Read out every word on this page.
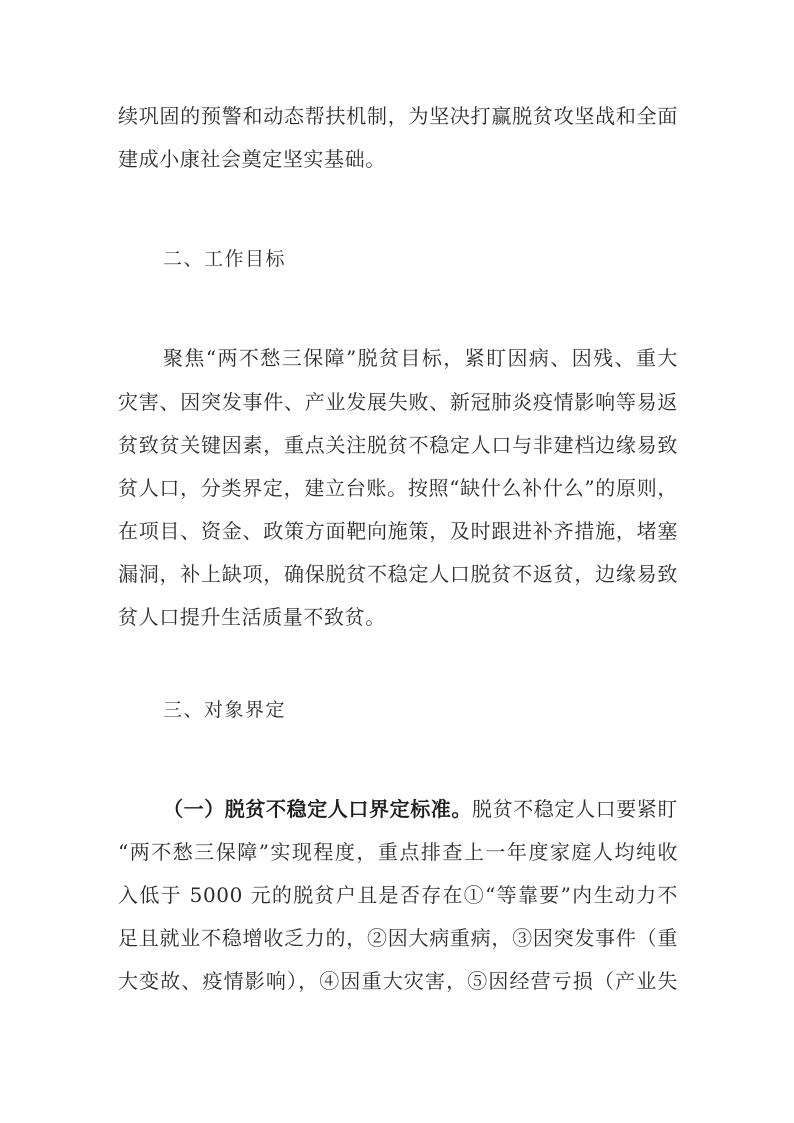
续巩固的预警和动态帮扶机制，为坚决打赢脱贫攻坚战和全面
建成小康社会奠定坚实基础。
二、工作目标
聚焦“两不愁三保障”脱贫目标，紧盯因病、因残、重大
灾害、因突发事件、产业发展失败、新冠肺炎疫情影响等易返
贫致贫关键因素，重点关注脱贫不稳定人口与非建档边缘易致
贫人口，分类界定，建立台账。按照“缺什么补什么”的原则，
在项目、资金、政策方面靶向施策，及时跟进补齐措施，堵塞
漏洞，补上缺项，确保脱贫不稳定人口脱贫不返贫，边缘易致
贫人口提升生活质量不致贫。
三、对象界定
（一）脱贫不稳定人口界定标准。脱贫不稳定人口要紧盯
“两不愁三保障”实现程度，重点排查上一年度家庭人均纯收
入低于 5000 元的脱贫户且是否存在①“等靠要”内生动力不
足且就业不稳增收乏力的，②因大病重病，③因突发事件（重
大变故、疫情影响），④因重大灾害，⑤因经营亏损（产业失
